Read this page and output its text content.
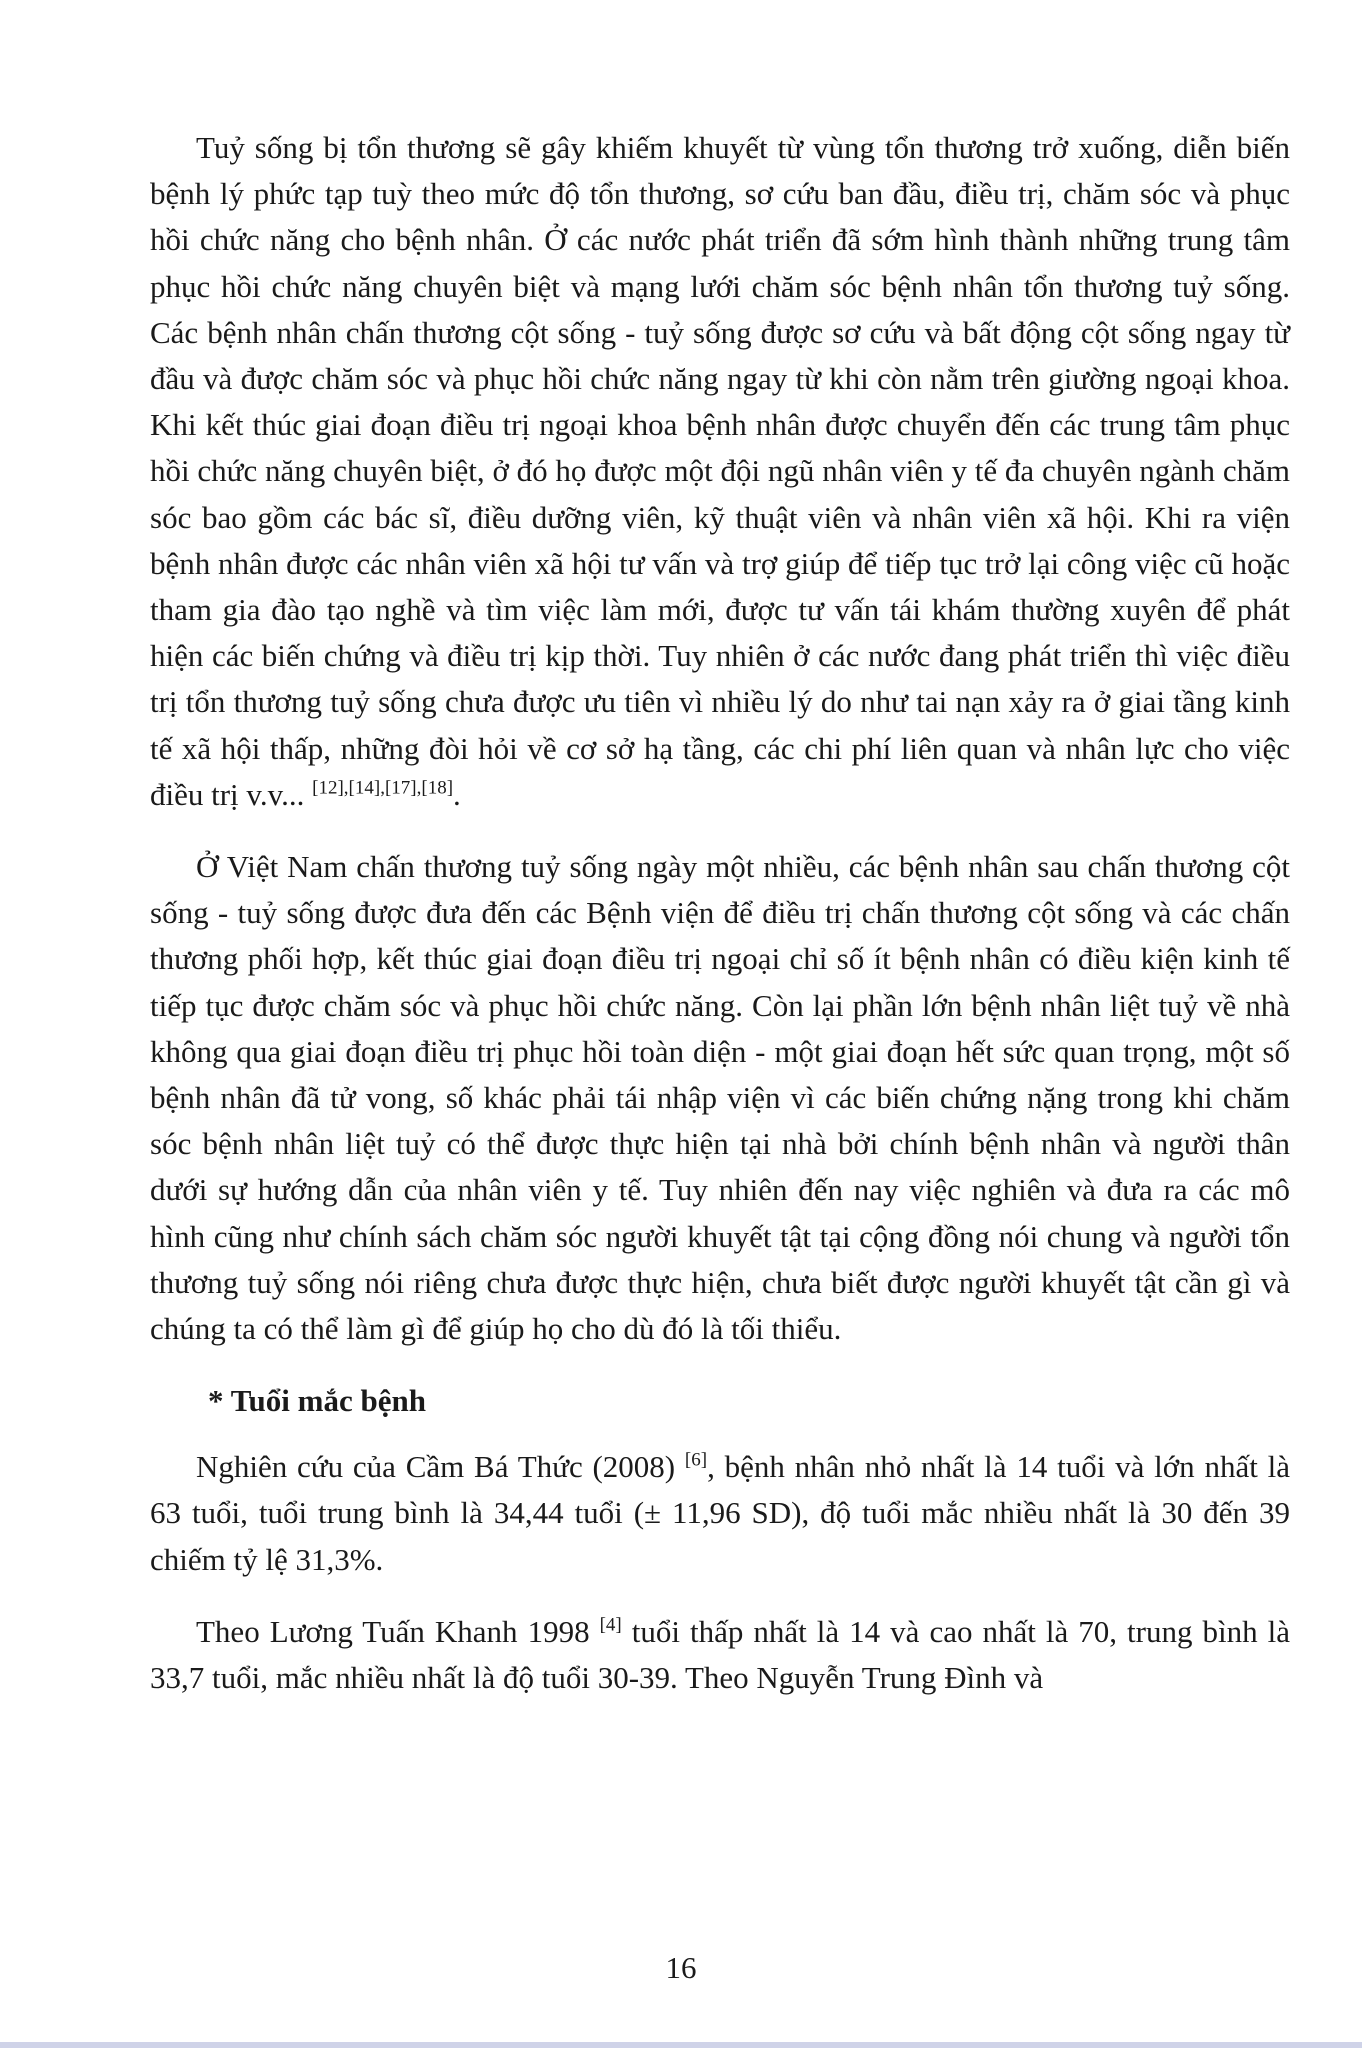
Tuỷ sống bị tổn thương sẽ gây khiếm khuyết từ vùng tổn thương trở xuống, diễn biến bệnh lý phức tạp tuỳ theo mức độ tổn thương, sơ cứu ban đầu, điều trị, chăm sóc và phục hồi chức năng cho bệnh nhân. Ở các nước phát triển đã sớm hình thành những trung tâm phục hồi chức năng chuyên biệt và mạng lưới chăm sóc bệnh nhân tổn thương tuỷ sống. Các bệnh nhân chấn thương cột sống - tuỷ sống được sơ cứu và bất động cột sống ngay từ đầu và được chăm sóc và phục hồi chức năng ngay từ khi còn nằm trên giường ngoại khoa. Khi kết thúc giai đoạn điều trị ngoại khoa bệnh nhân được chuyển đến các trung tâm phục hồi chức năng chuyên biệt, ở đó họ được một đội ngũ nhân viên y tế đa chuyên ngành chăm sóc bao gồm các bác sĩ, điều dưỡng viên, kỹ thuật viên và nhân viên xã hội. Khi ra viện bệnh nhân được các nhân viên xã hội tư vấn và trợ giúp để tiếp tục trở lại công việc cũ hoặc tham gia đào tạo nghề và tìm việc làm mới, được tư vấn tái khám thường xuyên để phát hiện các biến chứng và điều trị kịp thời. Tuy nhiên ở các nước đang phát triển thì việc điều trị tổn thương tuỷ sống chưa được ưu tiên vì nhiều lý do như tai nạn xảy ra ở giai tầng kinh tế xã hội thấp, những đòi hỏi về cơ sở hạ tầng, các chi phí liên quan và nhân lực cho việc điều trị v.v... [12],[14],[17],[18].

Ở Việt Nam chấn thương tuỷ sống ngày một nhiều, các bệnh nhân sau chấn thương cột sống - tuỷ sống được đưa đến các Bệnh viện để điều trị chấn thương cột sống và các chấn thương phối hợp, kết thúc giai đoạn điều trị ngoại chỉ số ít bệnh nhân có điều kiện kinh tế tiếp tục được chăm sóc và phục hồi chức năng. Còn lại phần lớn bệnh nhân liệt tuỷ về nhà không qua giai đoạn điều trị phục hồi toàn diện - một giai đoạn hết sức quan trọng, một số bệnh nhân đã tử vong, số khác phải tái nhập viện vì các biến chứng nặng trong khi chăm sóc bệnh nhân liệt tuỷ có thể được thực hiện tại nhà bởi chính bệnh nhân và người thân dưới sự hướng dẫn của nhân viên y tế. Tuy nhiên đến nay việc nghiên và đưa ra các mô hình cũng như chính sách chăm sóc người khuyết tật tại cộng đồng nói chung và người tổn thương tuỷ sống nói riêng chưa được thực hiện, chưa biết được người khuyết tật cần gì và chúng ta có thể làm gì để giúp họ cho dù đó là tối thiểu.

* Tuổi mắc bệnh

Nghiên cứu của Cầm Bá Thức (2008) [6], bệnh nhân nhỏ nhất là 14 tuổi và lớn nhất là 63 tuổi, tuổi trung bình là 34,44 tuổi (± 11,96 SD), độ tuổi mắc nhiều nhất là 30 đến 39 chiếm tỷ lệ 31,3%.

Theo Lương Tuấn Khanh 1998 [4] tuổi thấp nhất là 14 và cao nhất là 70, trung bình là 33,7 tuổi, mắc nhiều nhất là độ tuổi 30-39. Theo Nguyễn Trung Đình và

16
